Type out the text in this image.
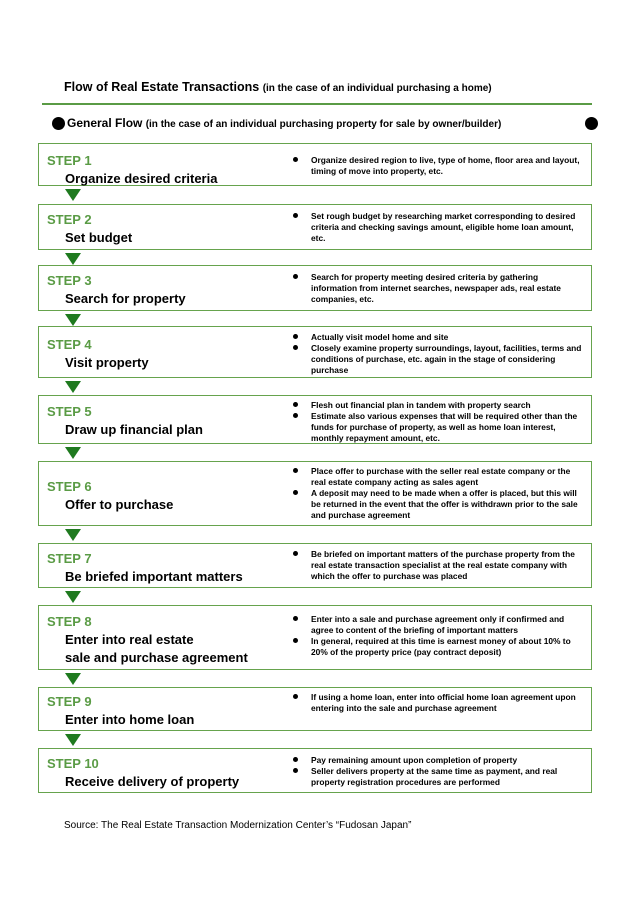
Flow of Real Estate Transactions (in the case of an individual purchasing a home)
General Flow (in the case of an individual purchasing property for sale by owner/builder)
STEP 1
Organize desired criteria
Organize desired region to live, type of home, floor area and layout, timing of move into property, etc.
STEP 2
Set budget
Set rough budget by researching market corresponding to desired criteria and checking savings amount, eligible home loan amount, etc.
STEP 3
Search for property
Search for property meeting desired criteria by gathering information from internet searches, newspaper ads, real estate companies, etc.
STEP 4
Visit property
Actually visit model home and site
Closely examine property surroundings, layout, facilities, terms and conditions of purchase, etc. again in the stage of considering purchase
STEP 5
Draw up financial plan
Flesh out financial plan in tandem with property search
Estimate also various expenses that will be required other than the funds for purchase of property, as well as home loan interest, monthly repayment amount, etc.
STEP 6
Offer to purchase
Place offer to purchase with the seller real estate company or the real estate company acting as sales agent
A deposit may need to be made when a offer is placed, but this will be returned in the event that the offer is withdrawn prior to the sale and purchase agreement
STEP 7
Be briefed important matters
Be briefed on important matters of the purchase property from the real estate transaction specialist at the real estate company with which the offer to purchase was placed
STEP 8
Enter into real estate
sale and purchase agreement
Enter into a sale and purchase agreement only if confirmed and agree to content of the briefing of important matters
In general, required at this time is earnest money of about 10% to 20% of the property price (pay contract deposit)
STEP 9
Enter into home loan
If using a home loan, enter into official home loan agreement upon entering into the sale and purchase agreement
STEP 10
Receive delivery of property
Pay remaining amount upon completion of property
Seller delivers property at the same time as payment, and real property registration procedures are performed
Source: The Real Estate Transaction Modernization Center’s “Fudosan Japan”
